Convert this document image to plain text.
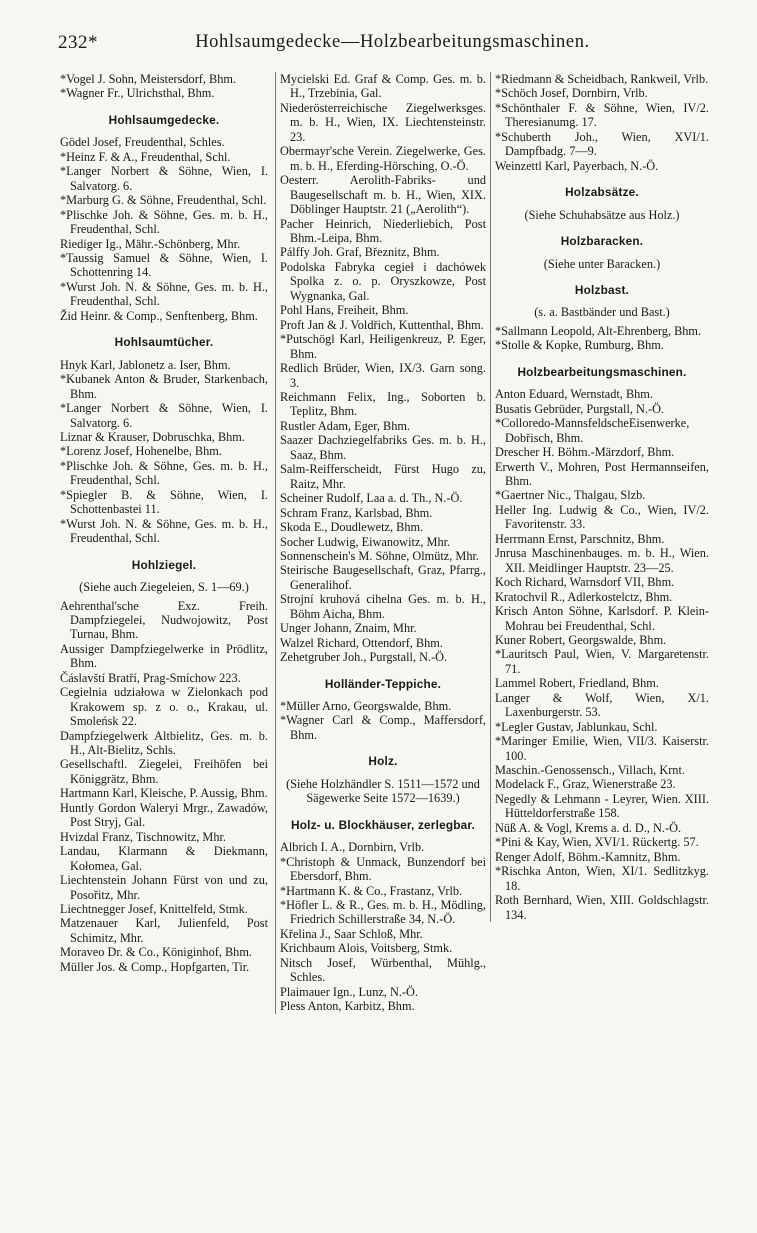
232*	Hohlsaumgedecke—Holzbearbeitungsmaschinen.

*Vogel J. Sohn, Meistersdorf, Bhm.

*Wagner Fr., Ulrichsthal, Bhm.

Hohlsaumgedecke.

Gödel Josef, Freudenthal, Schles.

*Heinz F. & A., Freudenthal, Schl.

*Langer Norbert & Söhne, Wien, I. Salvatorg. 6.

*Marburg G. & Söhne, Freudenthal, Schl.

*Plischke Joh. & Söhne, Ges. m. b. H., Freudenthal, Schl.

Riediger Ig., Mähr.-Schönberg, Mhr.

*Taussig Samuel & Söhne, Wien, I. Schottenring 14.

*Wurst Joh. N. & Söhne, Ges. m. b. H., Freudenthal, Schl.

Žid Heinr. & Comp., Senftenberg, Bhm.

Hohlsaumtücher.

Hnyk Karl, Jablonetz a. Iser, Bhm.

*Kubanek Anton & Bruder, Starkenbach, Bhm.

*Langer Norbert & Söhne, Wien, I. Salvatorg. 6.

Liznar & Krauser, Dobruschka, Bhm.

*Lorenz Josef, Hohenelbe, Bhm.

*Plischke Joh. & Söhne, Ges. m. b. H., Freudenthal, Schl.

*Spiegler B. & Söhne, Wien, I. Schottenbastei 11.

*Wurst Joh. N. & Söhne, Ges. m. b. H., Freudenthal, Schl.

Hohlziegel.
(Siehe auch Ziegeleien, S. 1—69.)

Aehrenthal'sche Exz. Freih. Dampfziegelei, Nudwojowitz, Post Turnau, Bhm.

Aussiger Dampfziegelwerke in Prödlitz, Bhm.

Čáslavští Bratří, Prag-Smíchow 223.

Cegielnia udziałowa w Zielonkach pod Krakowem sp. z o. o., Krakau, ul. Smoleńsk 22.

Dampfziegelwerk Altbielitz, Ges. m. b. H., Alt-Bielitz, Schls.

Gesellschaftl. Ziegelei, Freihöfen bei Königgrätz, Bhm.

Hartmann Karl, Kleische, P. Aussig, Bhm.

Huntly Gordon Waleryi Mrgr., Zawadów, Post Stryj, Gal.

Hvizdal Franz, Tischnowitz, Mhr.

Landau, Klarmann & Diekmann, Kołomea, Gal.

Liechtenstein Johann Fürst von und zu, Posořitz, Mhr.

Liechtnegger Josef, Knittelfeld, Stmk.

Matzenauer Karl, Julienfeld, Post Schimitz, Mhr.

Moraveo Dr. & Co., Königinhof, Bhm.

Müller Jos. & Comp., Hopfgarten, Tir.

Mycielski Ed. Graf & Comp. Ges. m. b. H., Trzebinia, Gal.

Niederösterreichische Ziegelwerksges. m. b. H., Wien, IX. Liechtensteinstr. 23.

Obermayr'sche Verein. Ziegelwerke, Ges. m. b. H., Eferding-Hörsching, O.-Ö.

Oesterr. Aerolith-Fabriks- und Baugesellschaft m. b. H., Wien, XIX. Döblinger Hauptstr. 21 („Aerolith“).

Pacher Heinrich, Niederliebich, Post Bhm.-Leipa, Bhm.

Pálffy Joh. Graf, Březnitz, Bhm.

Podolska Fabryka cegieł i dachówek Spolka z. o. p. Oryszkowze, Post Wygnanka, Gal.

Pohl Hans, Freiheit, Bhm.

Proft Jan & J. Voldřich, Kuttenthal, Bhm.

*Putschögl Karl, Heiligenkreuz, P. Eger, Bhm.

Redlich Brüder, Wien, IX/3. Garn song. 3.

Reichmann Felix, Ing., Soborten b. Teplitz, Bhm.

Rustler Adam, Eger, Bhm.

Saazer Dachziegelfabriks Ges. m. b. H., Saaz, Bhm.

Salm-Reifferscheidt, Fürst Hugo zu, Raitz, Mhr.

Scheiner Rudolf, Laa a. d. Th., N.-Ö.

Schram Franz, Karlsbad, Bhm.

Skoda E., Doudlewetz, Bhm.

Socher Ludwig, Eiwanowitz, Mhr.

Sonnenschein's M. Söhne, Olmütz, Mhr.

Steirische Baugesellschaft, Graz, Pfarrg., Generalihof.

Strojní kruhová cihelna Ges. m. b. H., Böhm Aicha, Bhm.

Unger Johann, Znaim, Mhr.

Walzel Richard, Ottendorf, Bhm.

Zehetgruber Joh., Purgstall, N.-Ö.

Holländer-Teppiche.

*Müller Arno, Georgswalde, Bhm.

*Wagner Carl & Comp., Maffersdorf, Bhm.

Holz.
(Siehe Holzhändler S. 1511—1572 und Sägewerke Seite 1572—1639.)
Holz- u. Blockhäuser, zerlegbar.

Albrich I. A., Dornbirn, Vrlb.

*Christoph & Unmack, Bunzendorf bei Ebersdorf, Bhm.

*Hartmann K. & Co., Frastanz, Vrlb.

*Höfler L. & R., Ges. m. b. H., Mödling, Friedrich Schillerstraße 34, N.-Ö.

Křelina J., Saar Schloß, Mhr.

Krichbaum Alois, Voitsberg, Stmk.

Nitsch Josef, Würbenthal, Mühlg., Schles.

Plaimauer Ign., Lunz, N.-Ö.

Pless Anton, Karbitz, Bhm.

*Riedmann & Scheidbach, Rankweil, Vrlb.

*Schöch Josef, Dornbirn, Vrlb.

*Schönthaler F. & Söhne, Wien, IV/2. Theresianumg. 17.

*Schuberth Joh., Wien, XVI/1. Dampfbadg. 7—9.

Weinzettl Karl, Payerbach, N.-Ö.

Holzabsätze.
(Siehe Schuhabsätze aus Holz.)
Holzbaracken.
(Siehe unter Baracken.)
Holzbast.
(s. a. Bastbänder und Bast.)

*Sallmann Leopold, Alt-Ehrenberg, Bhm.

*Stolle & Kopke, Rumburg, Bhm.

Holzbearbeitungsmaschinen.

Anton Eduard, Wernstadt, Bhm.

Busatis Gebrüder, Purgstall, N.-Ö.

*Colloredo-MannsfeldscheEisenwerke, Dobřisch, Bhm.

Drescher H. Böhm.-Märzdorf, Bhm.

Erwerth V., Mohren, Post Hermannseifen, Bhm.

*Gaertner Nic., Thalgau, Slzb.

Heller Ing. Ludwig & Co., Wien, IV/2. Favoritenstr. 33.

Herrmann Ernst, Parschnitz, Bhm.

Jnrusa Maschinenbauges. m. b. H., Wien. XII. Meidlinger Hauptstr. 23—25.

Koch Richard, Warnsdorf VII, Bhm.

Kratochvil R., Adlerkostelctz, Bhm.

Krisch Anton Söhne, Karlsdorf. P. Klein-Mohrau bei Freudenthal, Schl.

Kuner Robert, Georgswalde, Bhm.

*Lauritsch Paul, Wien, V. Margaretenstr. 71.

Lammel Robert, Friedland, Bhm.

Langer & Wolf, Wien, X/1. Laxenburgerstr. 53.

*Legler Gustav, Jablunkau, Schl.

*Maringer Emilie, Wien, VII/3. Kaiserstr. 100.

Maschin.-Genossensch., Villach, Krnt.

Modelack F., Graz, Wienerstraße 23.

Negedly & Lehmann - Leyrer, Wien. XIII. Hütteldorferstraße 158.

Nüß A. & Vogl, Krems a. d. D., N.-Ö.

*Pini & Kay, Wien, XVI/1. Rückertg. 57.

Renger Adolf, Böhm.-Kamnitz, Bhm.

*Rischka Anton, Wien, XI/1. Sedlitzkyg. 18.

Roth Bernhard, Wien, XIII. Goldschlagstr. 134.
